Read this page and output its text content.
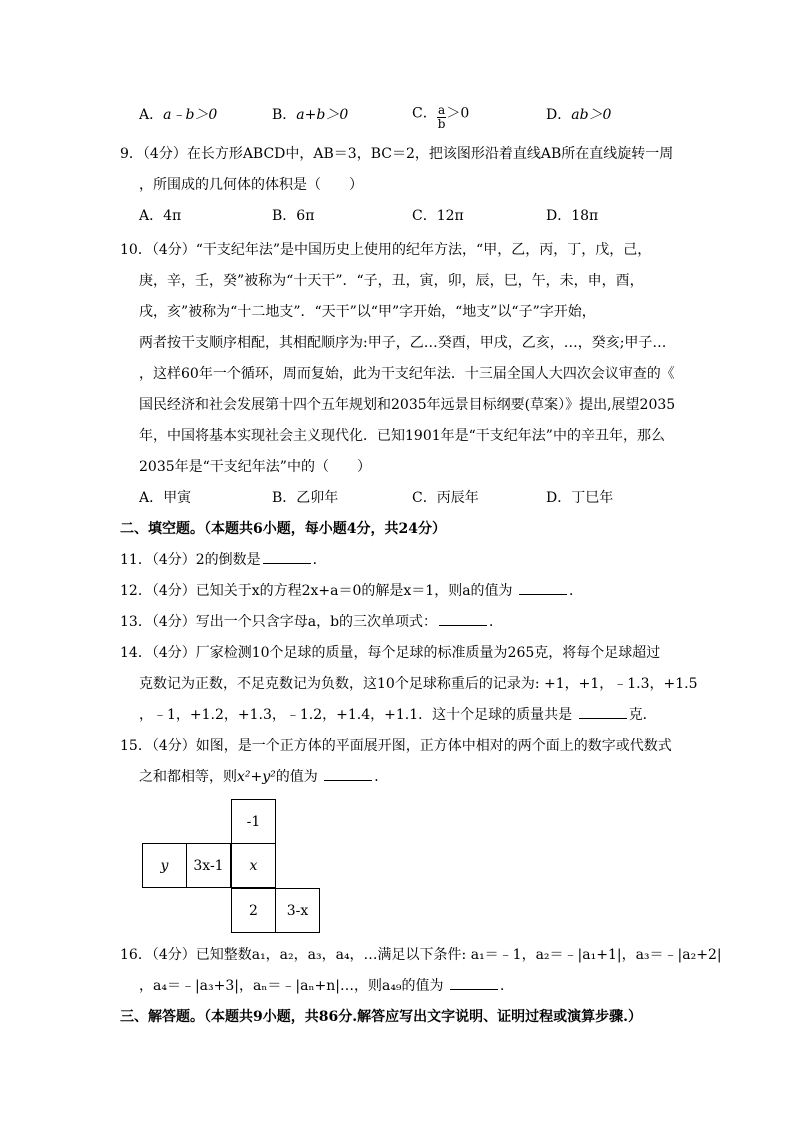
A．a﹣b＞0	B．a+b＞0	C． $\frac{a}{b} >0$	D．ab＞0
9．（4分）在长方形ABCD中，AB＝3，BC＝2，把该图形沿着直线AB所在直线旋转一周
，所围成的几何体的体积是（　　）
A．4π	B．6π	C．12π	D．18π
10．（4分）“干支纪年法”是中国历史上使用的纪年方法，“甲，乙，丙，丁，戊，己，
庚，辛，壬，癸”被称为“十天干”．“子，丑，寅，卯，辰，巳，午，未，申，酉，
戌，亥”被称为“十二地支”．“天干”以“甲”字开始，“地支”以“子”字开始，
两者按干支顺序相配，其相配顺序为:甲子，乙…癸酉，甲戌，乙亥，…，癸亥;甲子…
，这样60年一个循环，周而复始，此为干支纪年法．十三届全国人大四次会议审查的《
国民经济和社会发展第十四个五年规划和2035年远景目标纲要(草案）》提出,展望2035
年，中国将基本实现社会主义现代化．已知1901年是“干支纪年法”中的辛丑年，那么
2035年是“干支纪年法”中的（　　）
A．甲寅	B．乙卯年	C．丙辰年	D．丁巳年
二、填空题。（本题共6小题，每小题4分，共24分）
11．（4分）2的倒数是	．
12．（4分）已知关于x的方程2x+a＝0的解是x＝1，则a的值为	．
13．（4分）写出一个只含字母a，b的三次单项式：	．
14．（4分）厂家检测10个足球的质量，每个足球的标准质量为265克，将每个足球超过
克数记为正数，不足克数记为负数，这10个足球称重后的记录为: +1，+1，﹣1.3，+1.5
，﹣1，+1.2，+1.3，﹣1.2，+1.4，+1.1．这十个足球的质量共是	克．
15．（4分）如图，是一个正方体的平面展开图，正方体中相对的两个面上的数字或代数式
之和都相等，则x²+y²的值为	．
-1
y	3x-1	x
2	3-x
16．（4分）已知整数a₁，a₂，a₃，a₄，…满足以下条件: a₁＝﹣1，a₂＝﹣|a₁+1|，a₃＝﹣|a₂+2|
，a₄＝﹣|a₃+3|，aₙ＝﹣|aₙ+n|…，则a₄₉的值为	．
三、解答题。（本题共9小题，共86分.解答应写出文字说明、证明过程或演算步骤.）
